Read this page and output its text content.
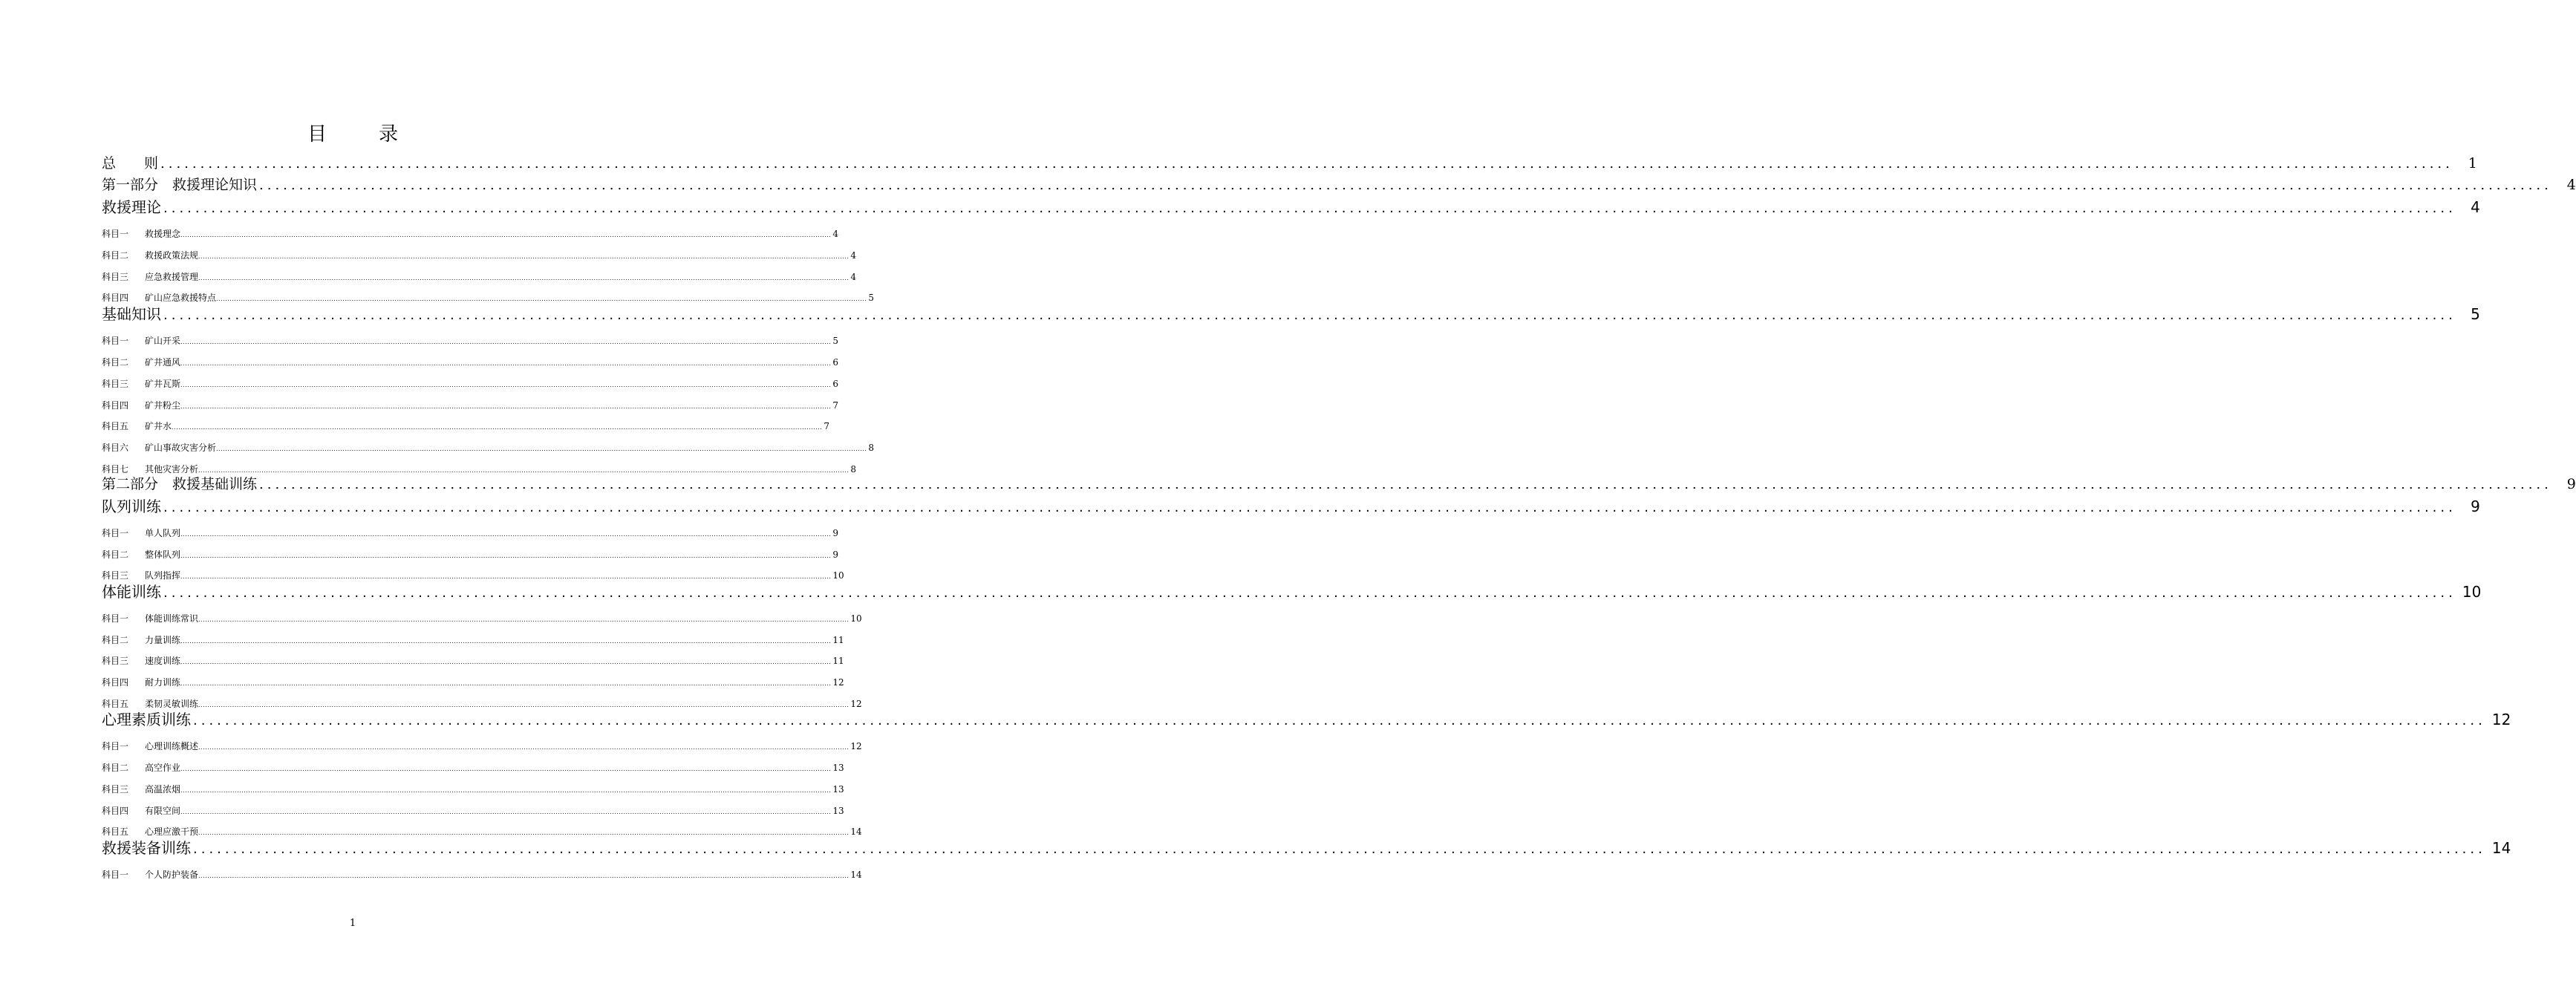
目	录
总　　则 ................................................................................................................................................................................................................................................................................................	1
第一部分　救援理论知识 ................................................................................................................................................................................................................................................................................................	4
救援理论 ................................................................................................................................................................................................................................................................................................ 4
科目一 救援理念 ................................................................................................................................................................................................................................................................................................ 4
科目二 救援政策法规 ................................................................................................................................................................................................................................................................................................ 4
科目三 应急救援管理 ................................................................................................................................................................................................................................................................................................ 4
科目四 矿山应急救援特点 ................................................................................................................................................................................................................................................................................................ 5
基础知识 ................................................................................................................................................................................................................................................................................................ 5
科目一 矿山开采 ................................................................................................................................................................................................................................................................................................ 5
科目二 矿井通风 ................................................................................................................................................................................................................................................................................................ 6
科目三 矿井瓦斯 ................................................................................................................................................................................................................................................................................................ 6
科目四 矿井粉尘 ................................................................................................................................................................................................................................................................................................ 7
科目五 矿井水 ................................................................................................................................................................................................................................................................................................ 7
科目六 矿山事故灾害分析 ................................................................................................................................................................................................................................................................................................ 8
科目七 其他灾害分析 ................................................................................................................................................................................................................................................................................................ 8
第二部分　救援基础训练 ................................................................................................................................................................................................................................................................................................	9
队列训练 ................................................................................................................................................................................................................................................................................................ 9
科目一 单人队列 ................................................................................................................................................................................................................................................................................................ 9
科目二 整体队列 ................................................................................................................................................................................................................................................................................................ 9
科目三 队列指挥 ................................................................................................................................................................................................................................................................................................ 10
体能训练 ................................................................................................................................................................................................................................................................................................ 10
科目一 体能训练常识 ................................................................................................................................................................................................................................................................................................ 10
科目二 力量训练 ................................................................................................................................................................................................................................................................................................ 11
科目三 速度训练 ................................................................................................................................................................................................................................................................................................ 11
科目四 耐力训练 ................................................................................................................................................................................................................................................................................................ 12
科目五 柔韧灵敏训练 ................................................................................................................................................................................................................................................................................................ 12
心理素质训练 ................................................................................................................................................................................................................................................................................................ 12
科目一 心理训练概述 ................................................................................................................................................................................................................................................................................................ 12
科目二 高空作业 ................................................................................................................................................................................................................................................................................................ 13
科目三 高温浓烟 ................................................................................................................................................................................................................................................................................................ 13
科目四 有限空间 ................................................................................................................................................................................................................................................................................................ 13
科目五 心理应激干预 ................................................................................................................................................................................................................................................................................................ 14
救援装备训练 ................................................................................................................................................................................................................................................................................................ 14
科目一 个人防护装备 ................................................................................................................................................................................................................................................................................................ 14
1
